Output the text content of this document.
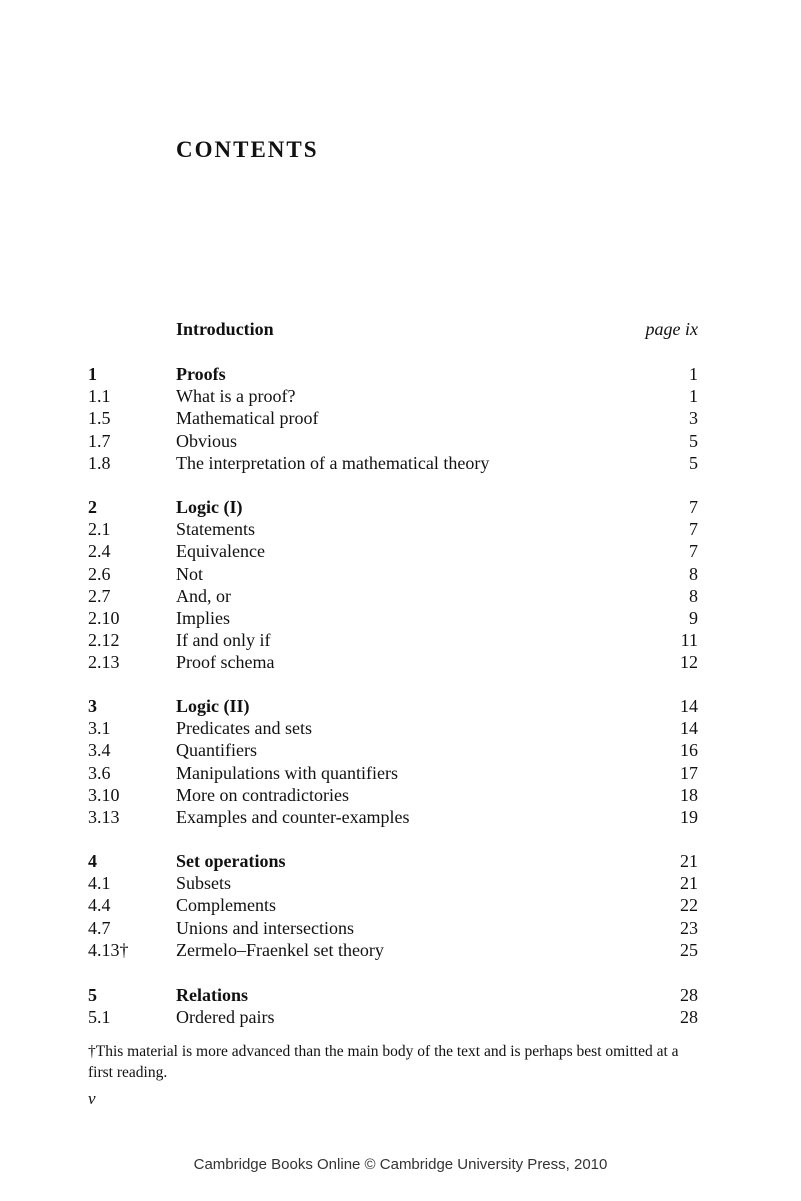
CONTENTS
Introduction	page ix
1	Proofs	1
1.1	What is a proof?	1
1.5	Mathematical proof	3
1.7	Obvious	5
1.8	The interpretation of a mathematical theory	5
2	Logic (I)	7
2.1	Statements	7
2.4	Equivalence	7
2.6	Not	8
2.7	And, or	8
2.10	Implies	9
2.12	If and only if	11
2.13	Proof schema	12
3	Logic (II)	14
3.1	Predicates and sets	14
3.4	Quantifiers	16
3.6	Manipulations with quantifiers	17
3.10	More on contradictories	18
3.13	Examples and counter-examples	19
4	Set operations	21
4.1	Subsets	21
4.4	Complements	22
4.7	Unions and intersections	23
4.13†	Zermelo–Fraenkel set theory	25
5	Relations	28
5.1	Ordered pairs	28

†This material is more advanced than the main body of the text and is perhaps best omitted at a first reading.

v
Cambridge Books Online © Cambridge University Press, 2010
